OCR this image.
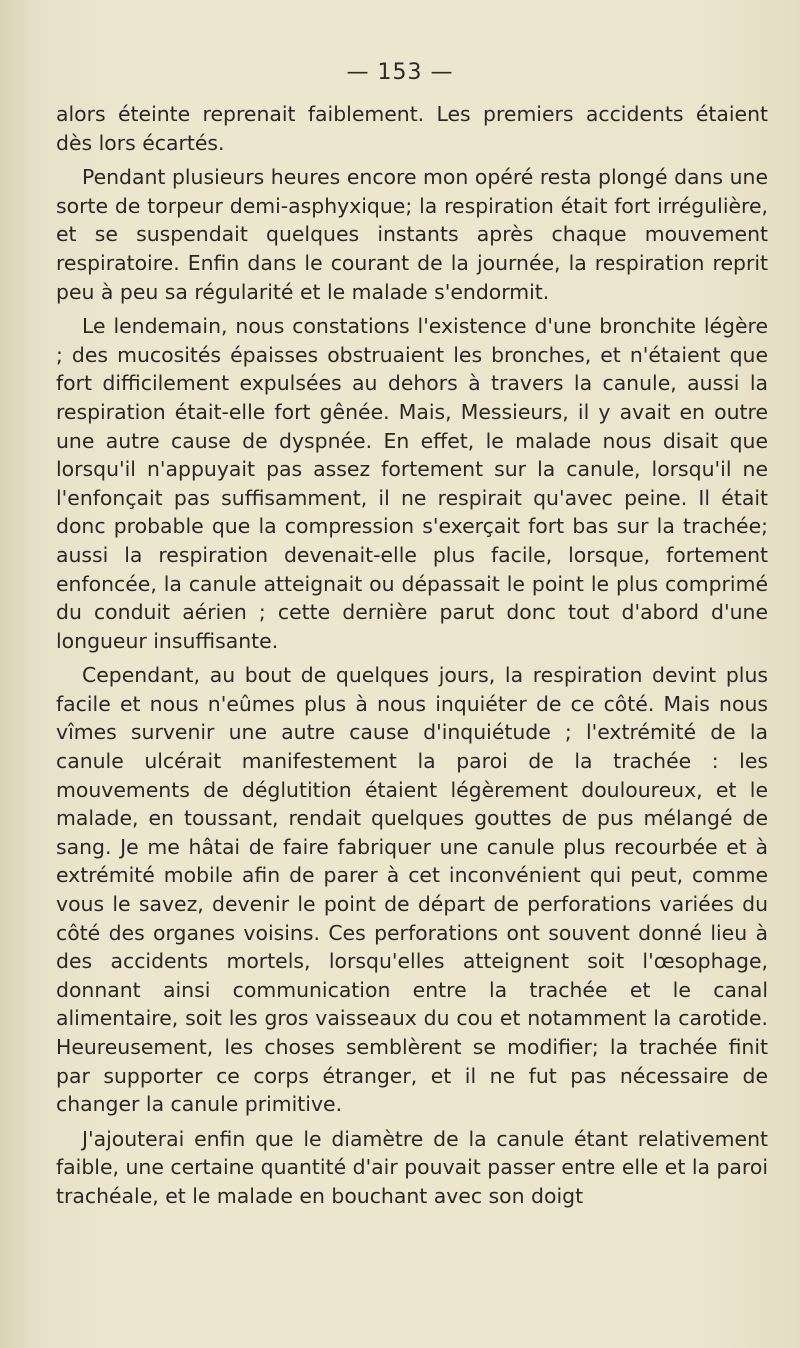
— 153 —

alors éteinte reprenait faiblement. Les premiers accidents étaient dès lors écartés.

Pendant plusieurs heures encore mon opéré resta plongé dans une sorte de torpeur demi-asphyxique; la respiration était fort irrégulière, et se suspendait quelques instants après chaque mouvement respiratoire. Enfin dans le courant de la journée, la respiration reprit peu à peu sa régularité et le malade s'endormit.

Le lendemain, nous constations l'existence d'une bronchite légère ; des mucosités épaisses obstruaient les bronches, et n'étaient que fort difficilement expulsées au dehors à travers la canule, aussi la respiration était-elle fort gênée. Mais, Messieurs, il y avait en outre une autre cause de dyspnée. En effet, le malade nous disait que lorsqu'il n'appuyait pas assez fortement sur la canule, lorsqu'il ne l'enfonçait pas suffisamment, il ne respirait qu'avec peine. Il était donc probable que la compression s'exerçait fort bas sur la trachée; aussi la respiration devenait-elle plus facile, lorsque, fortement enfoncée, la canule atteignait ou dépassait le point le plus comprimé du conduit aérien ; cette dernière parut donc tout d'abord d'une longueur insuffisante.

Cependant, au bout de quelques jours, la respiration devint plus facile et nous n'eûmes plus à nous inquiéter de ce côté. Mais nous vîmes survenir une autre cause d'inquiétude ; l'extrémité de la canule ulcérait manifestement la paroi de la trachée : les mouvements de déglutition étaient légèrement douloureux, et le malade, en toussant, rendait quelques gouttes de pus mélangé de sang. Je me hâtai de faire fabriquer une canule plus recourbée et à extrémité mobile afin de parer à cet inconvénient qui peut, comme vous le savez, devenir le point de départ de perforations variées du côté des organes voisins. Ces perforations ont souvent donné lieu à des accidents mortels, lorsqu'elles atteignent soit l'œsophage, donnant ainsi communication entre la trachée et le canal alimentaire, soit les gros vaisseaux du cou et notamment la carotide. Heureusement, les choses semblèrent se modifier; la trachée finit par supporter ce corps étranger, et il ne fut pas nécessaire de changer la canule primitive.

J'ajouterai enfin que le diamètre de la canule étant relativement faible, une certaine quantité d'air pouvait passer entre elle et la paroi trachéale, et le malade en bouchant avec son doigt
